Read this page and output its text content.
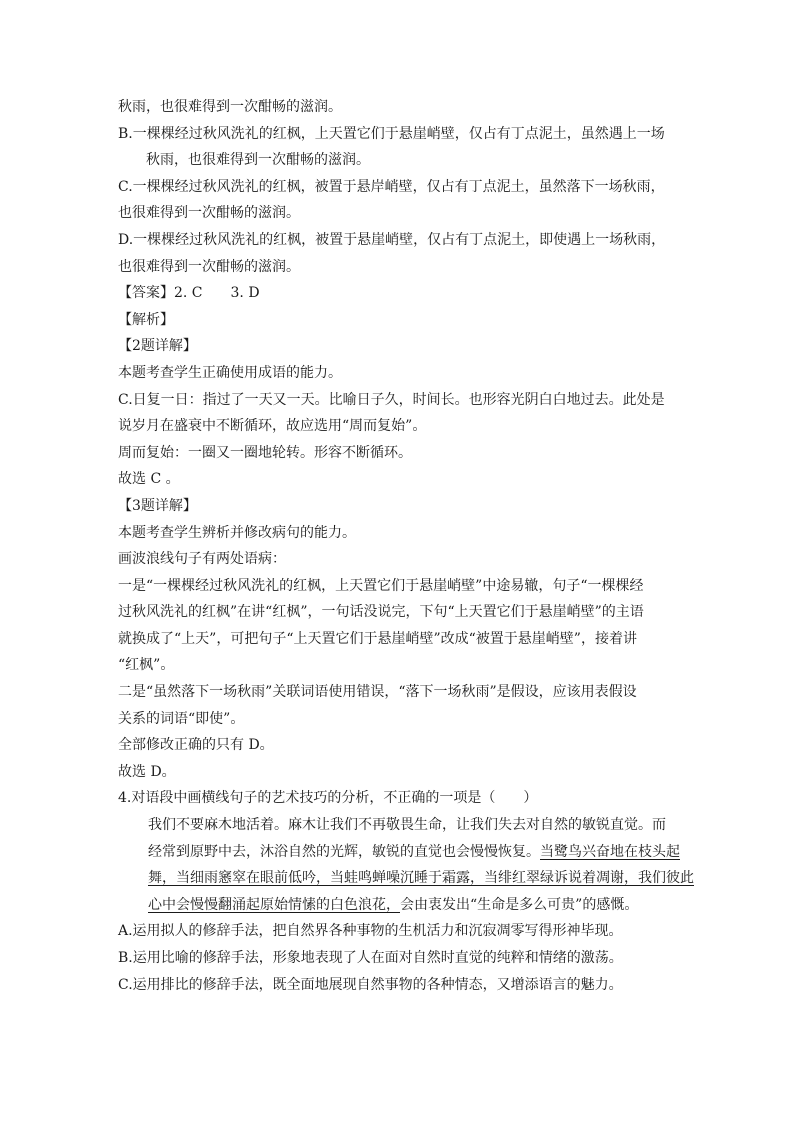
秋雨，也很难得到一次酣畅的滋润。
B.一棵棵经过秋风洗礼的红枫，上天置它们于悬崖峭壁，仅占有丁点泥土，虽然遇上一场
秋雨，也很难得到一次酣畅的滋润。
C.一棵棵经过秋风洗礼的红枫，被置于悬岸峭壁，仅占有丁点泥土，虽然落下一场秋雨，
也很难得到一次酣畅的滋润。
D.一棵棵经过秋风洗礼的红枫，被置于悬崖峭壁，仅占有丁点泥土，即使遇上一场秋雨，
也很难得到一次酣畅的滋润。
【答案】2. C　　3. D
【解析】
【2题详解】
本题考查学生正确使用成语的能力。
C.日复一日：指过了一天又一天。比喻日子久，时间长。也形容光阴白白地过去。此处是
说岁月在盛衰中不断循环，故应选用“周而复始”。
周而复始：一圈又一圈地轮转。形容不断循环。
故选 C 。
【3题详解】
本题考查学生辨析并修改病句的能力。
画波浪线句子有两处语病：
一是“一棵棵经过秋风洗礼的红枫，上天置它们于悬崖峭壁”中途易辙，句子“一棵棵经
过秋风洗礼的红枫”在讲“红枫”，一句话没说完，下句“上天置它们于悬崖峭壁”的主语
就换成了“上天”，可把句子“上天置它们于悬崖峭壁”改成“被置于悬崖峭壁”，接着讲
“红枫”。
二是“虽然落下一场秋雨”关联词语使用错误，“落下一场秋雨”是假设，应该用表假设
关系的词语“即使”。
全部修改正确的只有 D。
故选 D。
4.对语段中画横线句子的艺术技巧的分析，不正确的一项是（　　）
我们不要麻木地活着。麻木让我们不再敬畏生命，让我们失去对自然的敏锐直觉。而
经常到原野中去，沐浴自然的光辉，敏锐的直觉也会慢慢恢复。当鹭鸟兴奋地在枝头起
舞，当细雨窸窣在眼前低吟，当蛙鸣蝉噪沉睡于霜露，当绯红翠绿诉说着凋谢，我们彼此
心中会慢慢翻涌起原始情愫的白色浪花，会由衷发出“生命是多么可贵”的感慨。
A.运用拟人的修辞手法，把自然界各种事物的生机活力和沉寂凋零写得形神毕现。
B.运用比喻的修辞手法，形象地表现了人在面对自然时直觉的纯粹和情绪的激荡。
C.运用排比的修辞手法，既全面地展现自然事物的各种情态，又增添语言的魅力。
